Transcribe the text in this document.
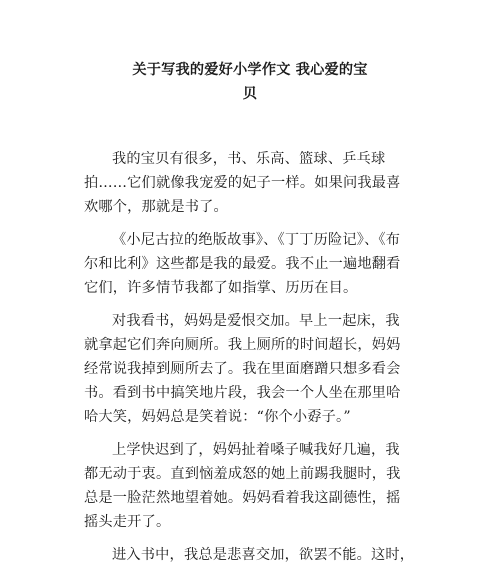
关于写我的爱好小学作文 我心爱的宝
贝
我的宝贝有很多，书、乐高、篮球、乒乓球
拍……它们就像我宠爱的妃子一样。如果问我最喜
欢哪个，那就是书了。
《小尼古拉的绝版故事》、《丁丁历险记》、《布
尔和比利》这些都是我的最爱。我不止一遍地翻看
它们，许多情节我都了如指掌、历历在目。
对我看书，妈妈是爱恨交加。早上一起床，我
就拿起它们奔向厕所。我上厕所的时间超长，妈妈
经常说我掉到厕所去了。我在里面磨蹭只想多看会
书。看到书中搞笑地片段，我会一个人坐在那里哈
哈大笑，妈妈总是笑着说：“你个小孬子。”
上学快迟到了，妈妈扯着嗓子喊我好几遍，我
都无动于衷。直到恼羞成怒的她上前踢我腿时，我
总是一脸茫然地望着她。妈妈看着我这副德性，摇
摇头走开了。
进入书中，我总是悲喜交加，欲罢不能。这时，
